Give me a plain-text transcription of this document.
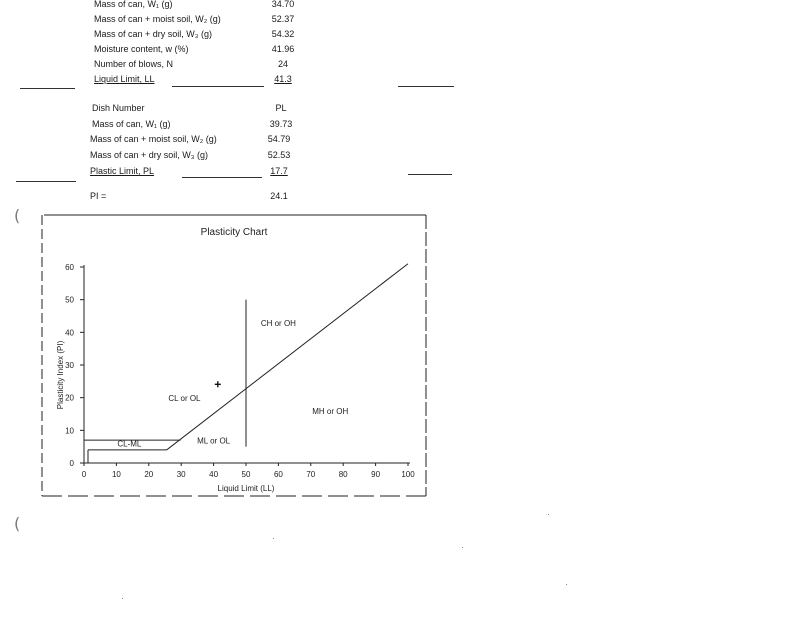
Mass of can, W₁ (g)	34.70
Mass of can + moist soil, W₂ (g)	52.37
Mass of can + dry soil, W₃ (g)	54.32
Moisture content, w (%)	41.96
Number of blows, N	24
Liquid Limit, LL	41.3
Dish Number	PL
Mass of can, W₁ (g)	39.73
Mass of can + moist soil, W₂ (g)	54.79
Mass of can + dry soil, W₃ (g)	52.53
Plastic Limit, PL	17.7
PI =	24.1
(
(
Plasticity Chart
0
10
20
30
40
50
60
0	10	20	30	40	50	60	70	80	90	100
Liquid Limit (LL)
Plasticity Index (PI)
CH or OH
CL or OL
MH or OH
ML or OL
CL-ML
